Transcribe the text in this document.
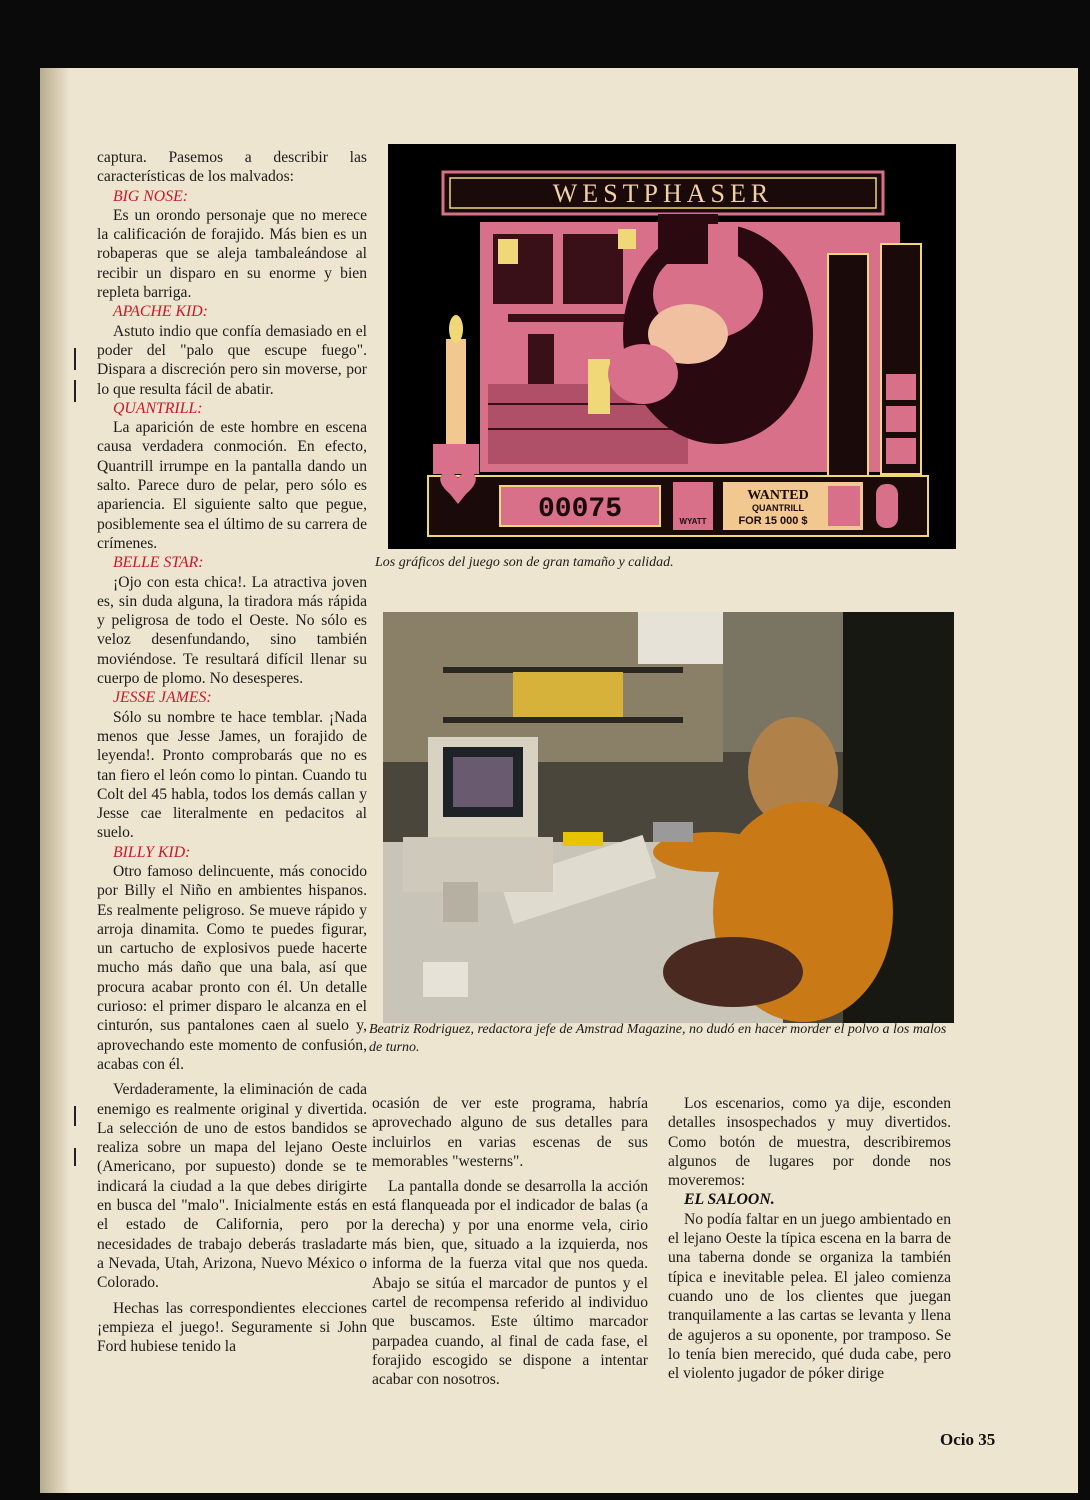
captura. Pasemos a describir las características de los malvados:

BIG NOSE:

Es un orondo personaje que no merece la calificación de forajido. Más bien es un robaperas que se aleja tambaleándose al recibir un disparo en su enorme y bien repleta barriga.

APACHE KID:

Astuto indio que confía demasiado en el poder del "palo que escupe fuego". Dispara a discreción pero sin moverse, por lo que resulta fácil de abatir.

QUANTRILL:

La aparición de este hombre en escena causa verdadera conmoción. En efecto, Quantrill irrumpe en la pantalla dando un salto. Parece duro de pelar, pero sólo es apariencia. El siguiente salto que pegue, posiblemente sea el último de su carrera de crímenes.

BELLE STAR:

¡Ojo con esta chica!. La atractiva joven es, sin duda alguna, la tiradora más rápida y peligrosa de todo el Oeste. No sólo es veloz desenfundando, sino también moviéndose. Te resultará difícil llenar su cuerpo de plomo. No desesperes.

JESSE JAMES:

Sólo su nombre te hace temblar. ¡Nada menos que Jesse James, un forajido de leyenda!. Pronto comprobarás que no es tan fiero el león como lo pintan. Cuando tu Colt del 45 habla, todos los demás callan y Jesse cae literalmente en pedacitos al suelo.

BILLY KID:

Otro famoso delincuente, más conocido por Billy el Niño en ambientes hispanos. Es realmente peligroso. Se mueve rápido y arroja dinamita. Como te puedes figurar, un cartucho de explosivos puede hacerte mucho más daño que una bala, así que procura acabar pronto con él. Un detalle curioso: el primer disparo le alcanza en el cinturón, sus pantalones caen al suelo y, aprovechando este momento de confusión, acabas con él.

Verdaderamente, la eliminación de cada enemigo es realmente original y divertida. La selección de uno de estos bandidos se realiza sobre un mapa del lejano Oeste (Americano, por supuesto) donde se te indicará la ciudad a la que debes dirigirte en busca del "malo". Inicialmente estás en el estado de California, pero por necesidades de trabajo deberás trasladarte a Nevada, Utah, Arizona, Nuevo México o Colorado.

Hechas las correspondientes elecciones ¡empieza el juego!. Seguramente si John Ford hubiese tenido la

WESTPHASER
00075	WYATT
WANTED
QUANTRILL
FOR 15 000 $
Los gráficos del juego son de gran tamaño y calidad.
Beatriz Rodriguez, redactora jefe de Amstrad Magazine, no dudó en hacer morder el polvo a los malos de turno.

ocasión de ver este programa, habría aprovechado alguno de sus detalles para incluirlos en varias escenas de sus memorables "westerns".

La pantalla donde se desarrolla la acción está flanqueada por el indicador de balas (a la derecha) y por una enorme vela, cirio más bien, que, situado a la izquierda, nos informa de la fuerza vital que nos queda. Abajo se sitúa el marcador de puntos y el cartel de recompensa referido al individuo que buscamos. Este último marcador parpadea cuando, al final de cada fase, el forajido escogido se dispone a intentar acabar con nosotros.

Los escenarios, como ya dije, esconden detalles insospechados y muy divertidos. Como botón de muestra, describiremos algunos de lugares por donde nos moveremos:

EL SALOON.

No podía faltar en un juego ambientado en el lejano Oeste la típica escena en la barra de una taberna donde se organiza la también típica e inevitable pelea. El jaleo comienza cuando uno de los clientes que juegan tranquilamente a las cartas se levanta y llena de agujeros a su oponente, por tramposo. Se lo tenía bien merecido, qué duda cabe, pero el violento jugador de póker dirige

Ocio 35
